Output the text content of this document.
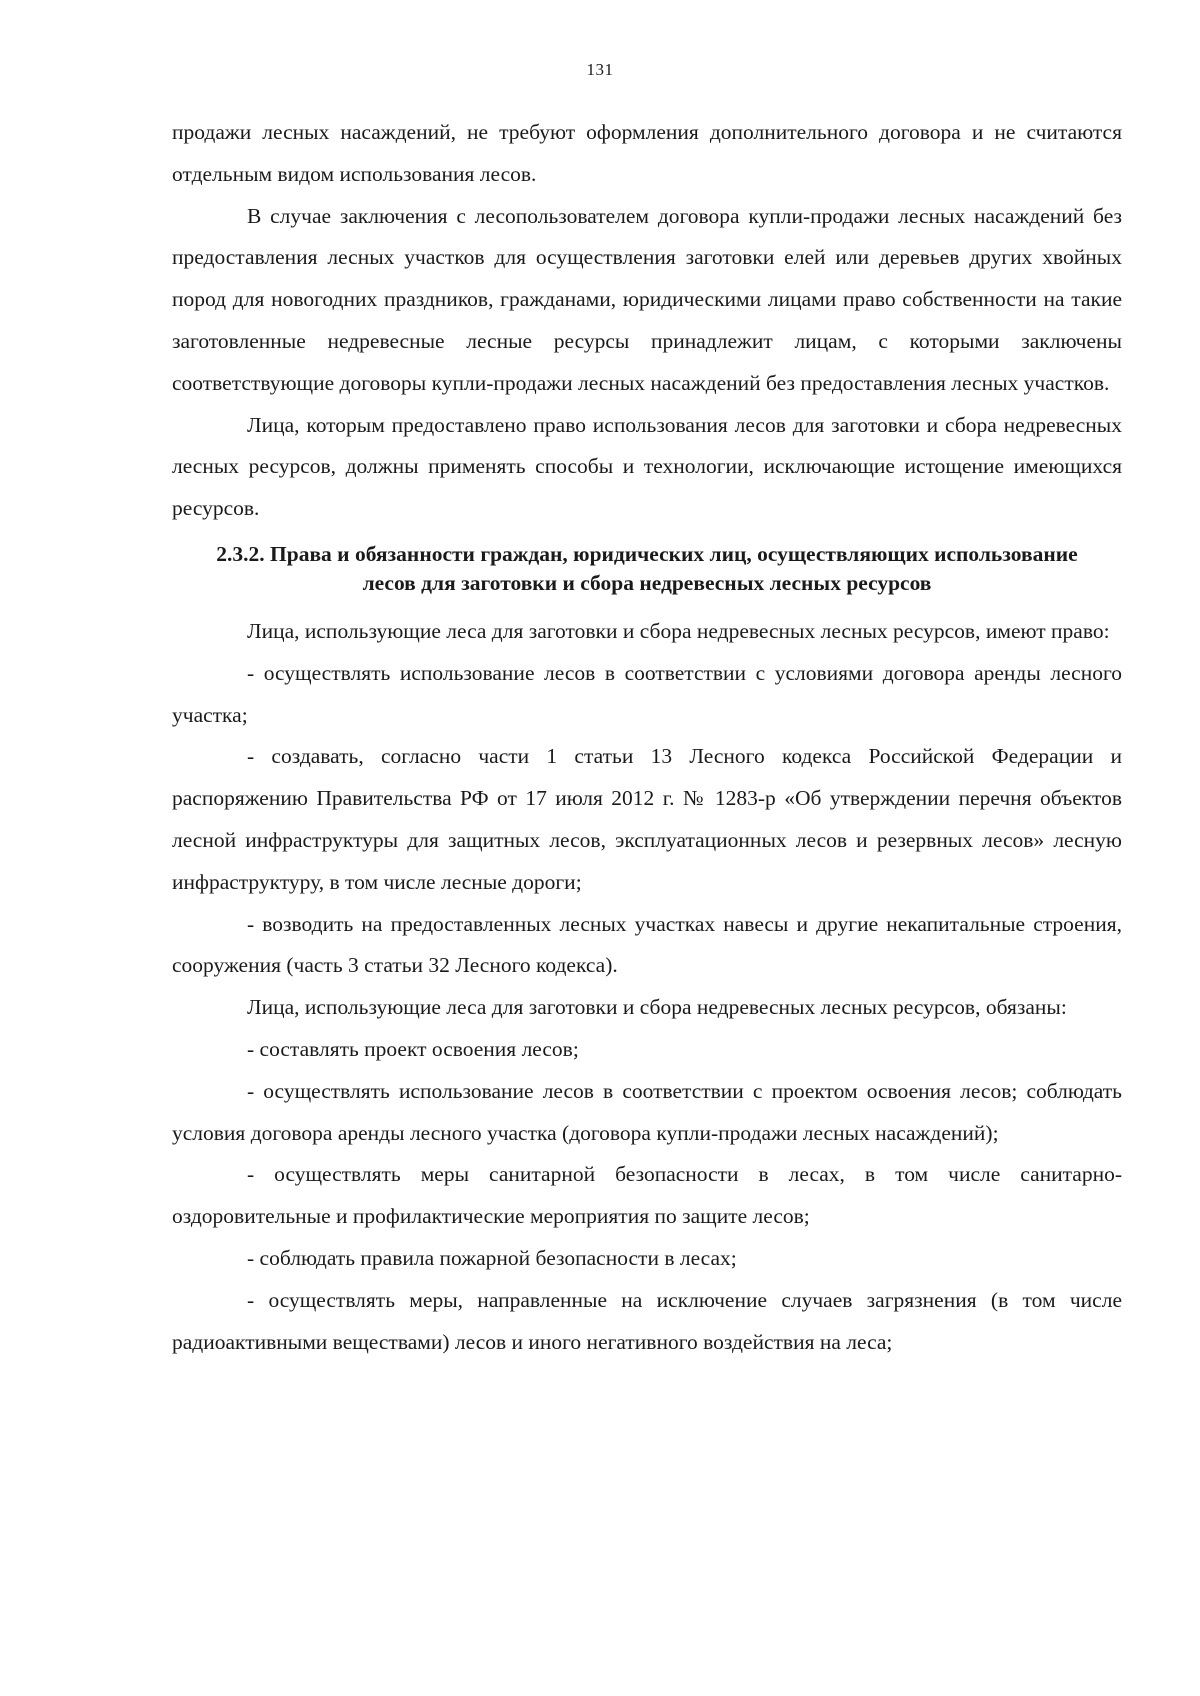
131

продажи лесных насаждений, не требуют оформления дополнительного договора и не считаются отдельным видом использования лесов.

В случае заключения с лесопользователем договора купли-продажи лесных насаждений без предоставления лесных участков для осуществления заготовки елей или деревьев других хвойных пород для новогодних праздников, гражданами, юридическими лицами право собственности на такие заготовленные недревесные лесные ресурсы принадлежит лицам, с которыми заключены соответствующие договоры купли-продажи лесных насаждений без предоставления лесных участков.

Лица, которым предоставлено право использования лесов для заготовки и сбора недревесных лесных ресурсов, должны применять способы и технологии, исключающие истощение имеющихся ресурсов.

2.3.2. Права и обязанности граждан, юридических лиц, осуществляющих использование лесов для заготовки и сбора недревесных лесных ресурсов

Лица, использующие леса для заготовки и сбора недревесных лесных ресурсов, имеют право:

- осуществлять использование лесов в соответствии с условиями договора аренды лесного участка;

- создавать, согласно части 1 статьи 13 Лесного кодекса Российской Федерации и распоряжению Правительства РФ от 17 июля 2012 г. № 1283-р «Об утверждении перечня объектов лесной инфраструктуры для защитных лесов, эксплуатационных лесов и резервных лесов» лесную инфраструктуру, в том числе лесные дороги;

- возводить на предоставленных лесных участках навесы и другие некапитальные строения, сооружения (часть 3 статьи 32 Лесного кодекса).

Лица, использующие леса для заготовки и сбора недревесных лесных ресурсов, обязаны:

- составлять проект освоения лесов;

- осуществлять использование лесов в соответствии с проектом освоения лесов; соблюдать условия договора аренды лесного участка (договора купли-продажи лесных насаждений);

- осуществлять меры санитарной безопасности в лесах, в том числе санитарно-оздоровительные и профилактические мероприятия по защите лесов;

- соблюдать правила пожарной безопасности в лесах;

- осуществлять меры, направленные на исключение случаев загрязнения (в том числе радиоактивными веществами) лесов и иного негативного воздействия на леса;
